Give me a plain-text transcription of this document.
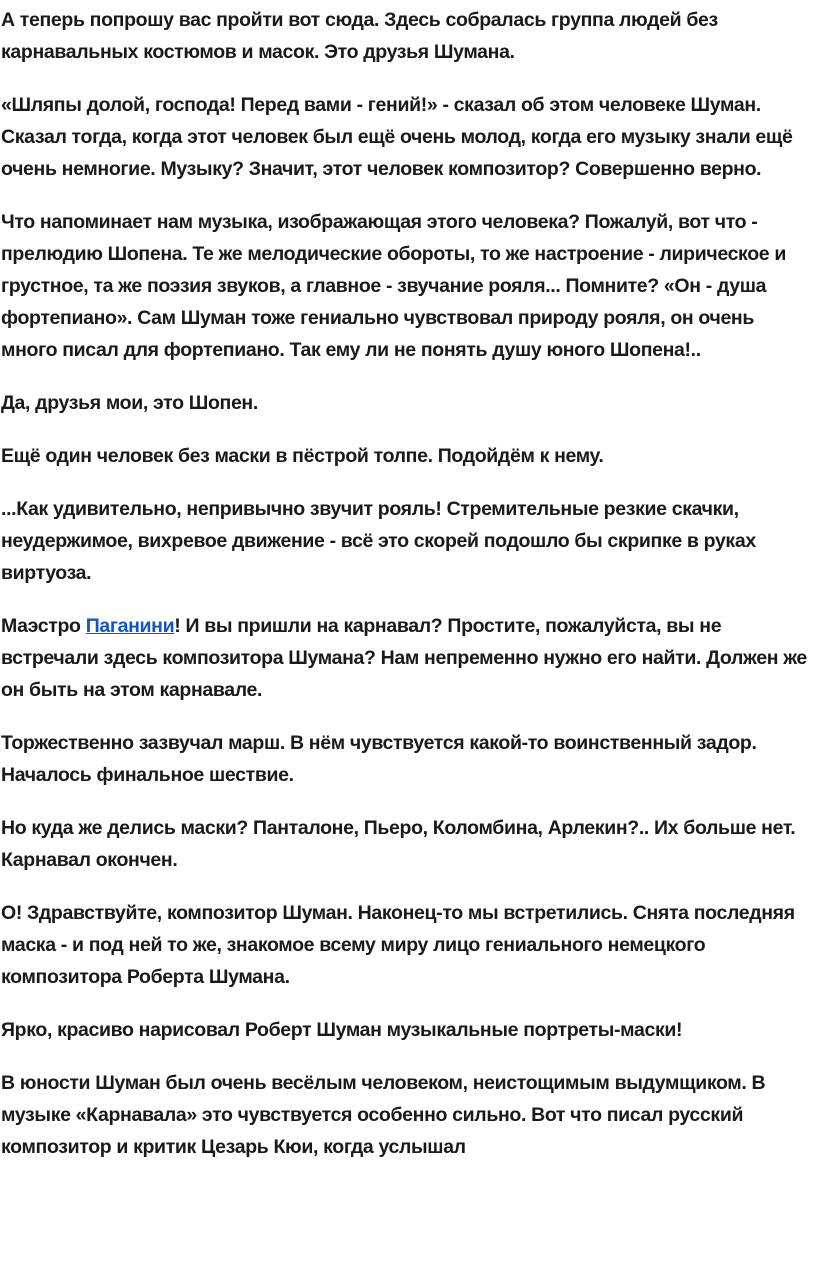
А теперь попрошу вас пройти вот сюда. Здесь собралась группа людей без карнавальных костюмов и масок. Это друзья Шумана.

«Шляпы долой, господа! Перед вами - гений!» - сказал об этом человеке Шуман. Сказал тогда, когда этот человек был ещё очень молод, когда его музыку знали ещё очень немногие. Музыку? Значит, этот человек композитор? Совершенно верно.

Что напоминает нам музыка, изображающая этого человека? Пожалуй, вот что - прелюдию Шопена. Те же мелодические обороты, то же настроение - лирическое и грустное, та же поэзия звуков, а главное - звучание рояля... Помните? «Он - душа фортепиано». Сам Шуман тоже гениально чувствовал природу рояля, он очень много писал для фортепиано. Так ему ли не понять душу юного Шопена!..

Да, друзья мои, это Шопен.

Ещё один человек без маски в пёстрой толпе. Подойдём к нему.

...Как удивительно, непривычно звучит рояль! Стремительные резкие скачки, неудержимое, вихревое движение - всё это скорей подошло бы скрипке в руках виртуоза.

Маэстро Паганини! И вы пришли на карнавал? Простите, пожалуйста, вы не встречали здесь композитора Шумана? Нам непременно нужно его найти. Должен же он быть на этом карнавале.

Торжественно зазвучал марш. В нём чувствуется какой-то воинственный задор. Началось финальное шествие.

Но куда же делись маски? Панталоне, Пьеро, Коломбина, Арлекин?.. Их больше нет. Карнавал окончен.

О! Здравствуйте, композитор Шуман. Наконец-то мы встретились. Снята последняя маска - и под ней то же, знакомое всему миру лицо гениального немецкого композитора Роберта Шумана.

Ярко, красиво нарисовал Роберт Шуман музыкальные портреты-маски!

В юности Шуман был очень весёлым человеком, неистощимым выдумщиком. В музыке «Карнавала» это чувствуется особенно сильно. Вот что писал русский композитор и критик Цезарь Кюи, когда услышал
